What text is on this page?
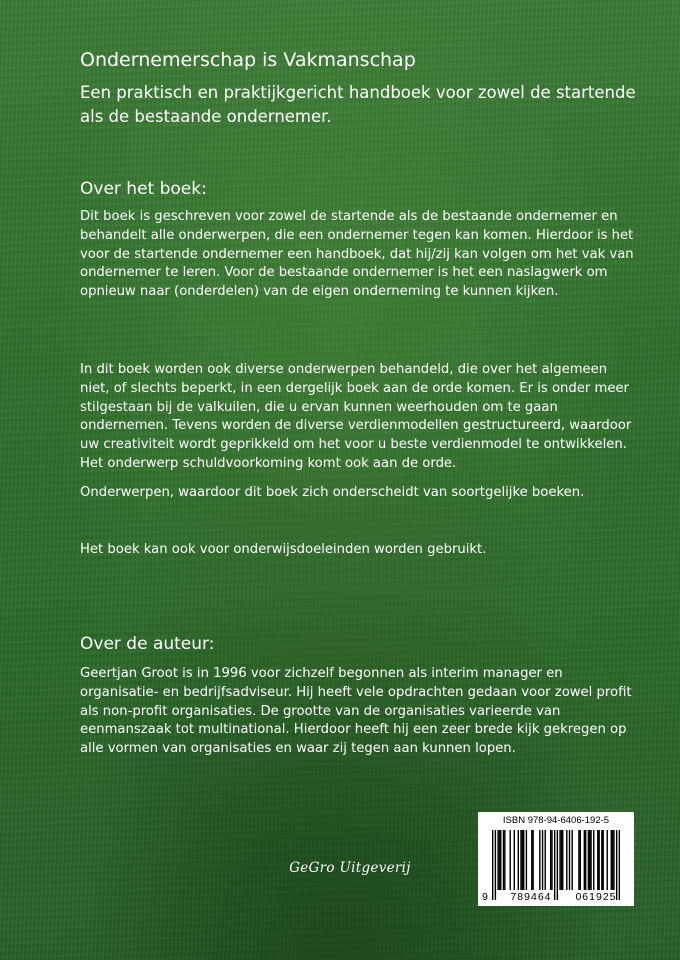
Ondernemerschap is Vakmanschap
Een praktisch en praktijkgericht handboek voor zowel de startende als de bestaande ondernemer.
Over het boek:

Dit boek is geschreven voor zowel de startende als de bestaande ondernemer en behandelt alle onderwerpen, die een ondernemer tegen kan komen. Hierdoor is het voor de startende ondernemer een handboek, dat hij/zij kan volgen om het vak van ondernemer te leren. Voor de bestaande ondernemer is het een naslagwerk om opnieuw naar (onderdelen) van de eigen onderneming te kunnen kijken.

In dit boek worden ook diverse onderwerpen behandeld, die over het algemeen niet, of slechts beperkt, in een dergelijk boek aan de orde komen. Er is onder meer stilgestaan bij de valkuilen, die u ervan kunnen weerhouden om te gaan ondernemen. Tevens worden de diverse verdienmodellen gestructureerd, waardoor uw creativiteit wordt geprikkeld om het voor u beste verdienmodel te ontwikkelen. Het onderwerp schuldvoorkoming komt ook aan de orde.

Onderwerpen, waardoor dit boek zich onderscheidt van soortgelijke boeken.

Het boek kan ook voor onderwijsdoeleinden worden gebruikt.

Over de auteur:

Geertjan Groot is in 1996 voor zichzelf begonnen als interim manager en organisatie- en bedrijfsadviseur. Hij heeft vele opdrachten gedaan voor zowel profit als non-profit organisaties. De grootte van de organisaties varieerde van eenmanszaak tot multinational. Hierdoor heeft hij een zeer brede kijk gekregen op alle vormen van organisaties en waar zij tegen aan kunnen lopen.

GeGro Uitgeverij
ISBN 978-94-6406-192-5
9	789464	061925
